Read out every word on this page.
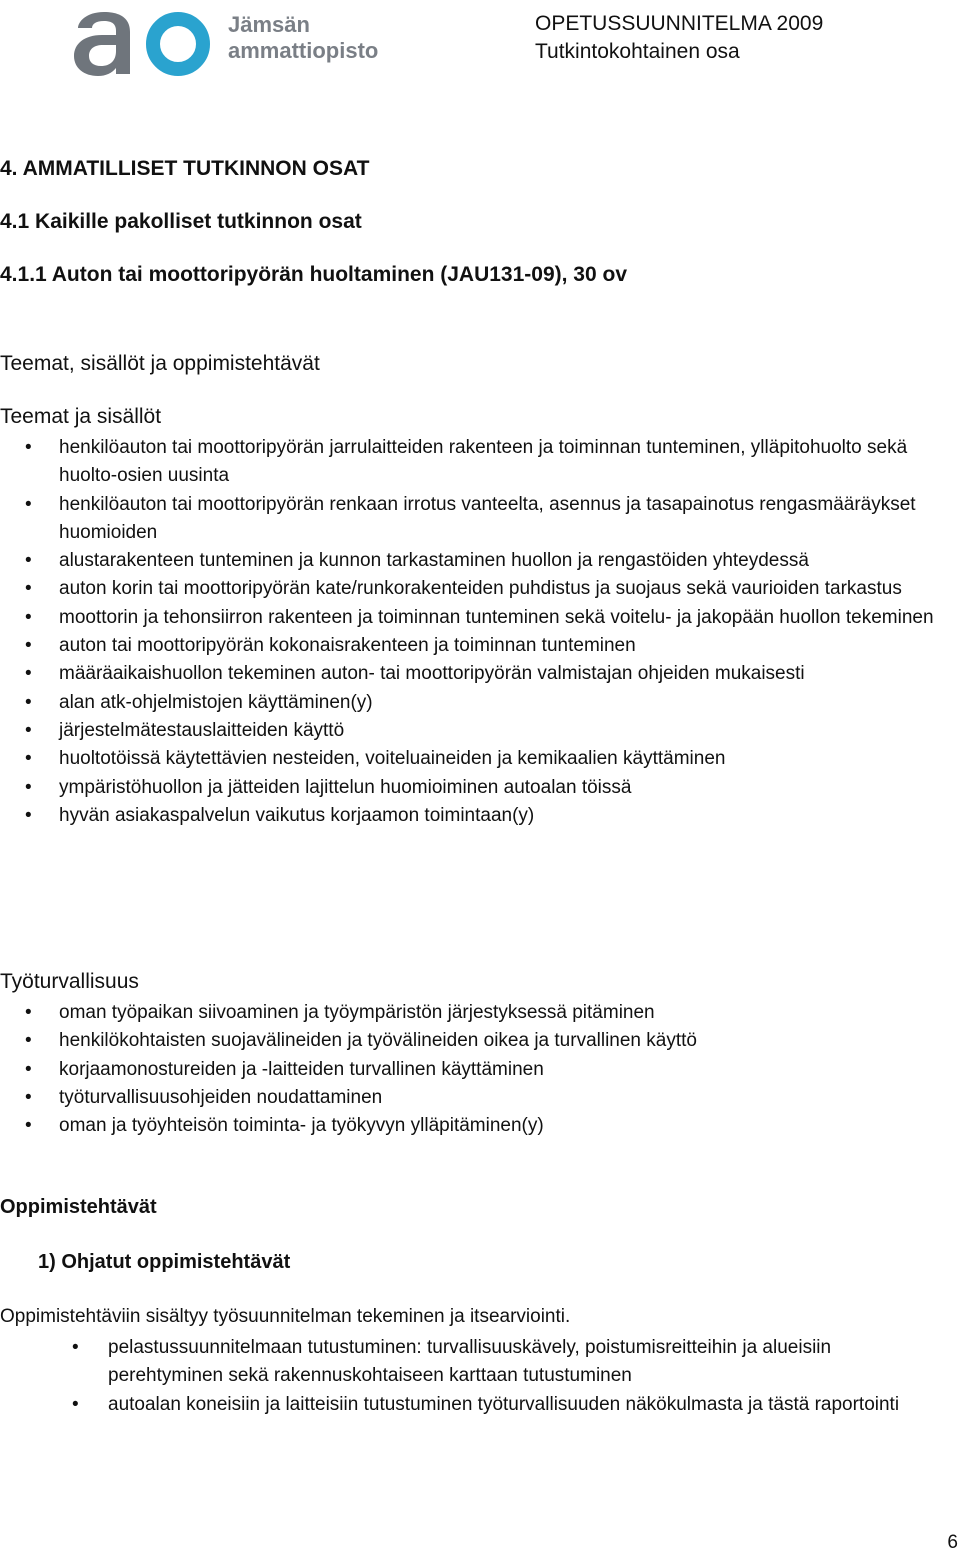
Jämsän
ammattiopisto
OPETUSSUUNNITELMA 2009
Tutkintokohtainen osa

4. AMMATILLISET TUTKINNON OSAT

4.1 Kaikille pakolliset tutkinnon osat

4.1.1 Auton tai moottoripyörän huoltaminen (JAU131-09), 30 ov

Teemat, sisällöt ja oppimistehtävät

Teemat ja sisällöt

• henkilöauton tai moottoripyörän jarrulaitteiden rakenteen ja toiminnan tunteminen, ylläpitohuolto sekä huolto-osien uusinta
• henkilöauton tai moottoripyörän renkaan irrotus vanteelta, asennus ja tasapainotus rengasmääräykset huomioiden
• alustarakenteen tunteminen ja kunnon tarkastaminen huollon ja rengastöiden yhteydessä
• auton korin tai moottoripyörän kate/runkorakenteiden puhdistus ja suojaus sekä vaurioiden tarkastus
• moottorin ja tehonsiirron rakenteen ja toiminnan tunteminen sekä voitelu- ja jakopään huollon tekeminen
• auton tai moottoripyörän kokonaisrakenteen ja toiminnan tunteminen
• määräaikaishuollon tekeminen auton- tai moottoripyörän valmistajan ohjeiden mukaisesti
• alan atk-ohjelmistojen käyttäminen(y)
• järjestelmätestauslaitteiden käyttö
• huoltotöissä käytettävien nesteiden, voiteluaineiden ja kemikaalien käyttäminen
• ympäristöhuollon ja jätteiden lajittelun huomioiminen autoalan töissä
• hyvän asiakaspalvelun vaikutus korjaamon toimintaan(y)

Työturvallisuus

• oman työpaikan siivoaminen ja työympäristön järjestyksessä pitäminen
• henkilökohtaisten suojavälineiden ja työvälineiden oikea ja turvallinen käyttö
• korjaamonostureiden ja -laitteiden turvallinen käyttäminen
• työturvallisuusohjeiden noudattaminen
• oman ja työyhteisön toiminta- ja työkyvyn ylläpitäminen(y)

Oppimistehtävät

1) Ohjatut oppimistehtävät

Oppimistehtäviin sisältyy työsuunnitelman tekeminen ja itsearviointi.

• pelastussuunnitelmaan tutustuminen: turvallisuuskävely, poistumisreitteihin ja alueisiin perehtyminen sekä rakennuskohtaiseen karttaan tutustuminen
• autoalan koneisiin ja laitteisiin tutustuminen työturvallisuuden näkökulmasta ja tästä raportointi
6
